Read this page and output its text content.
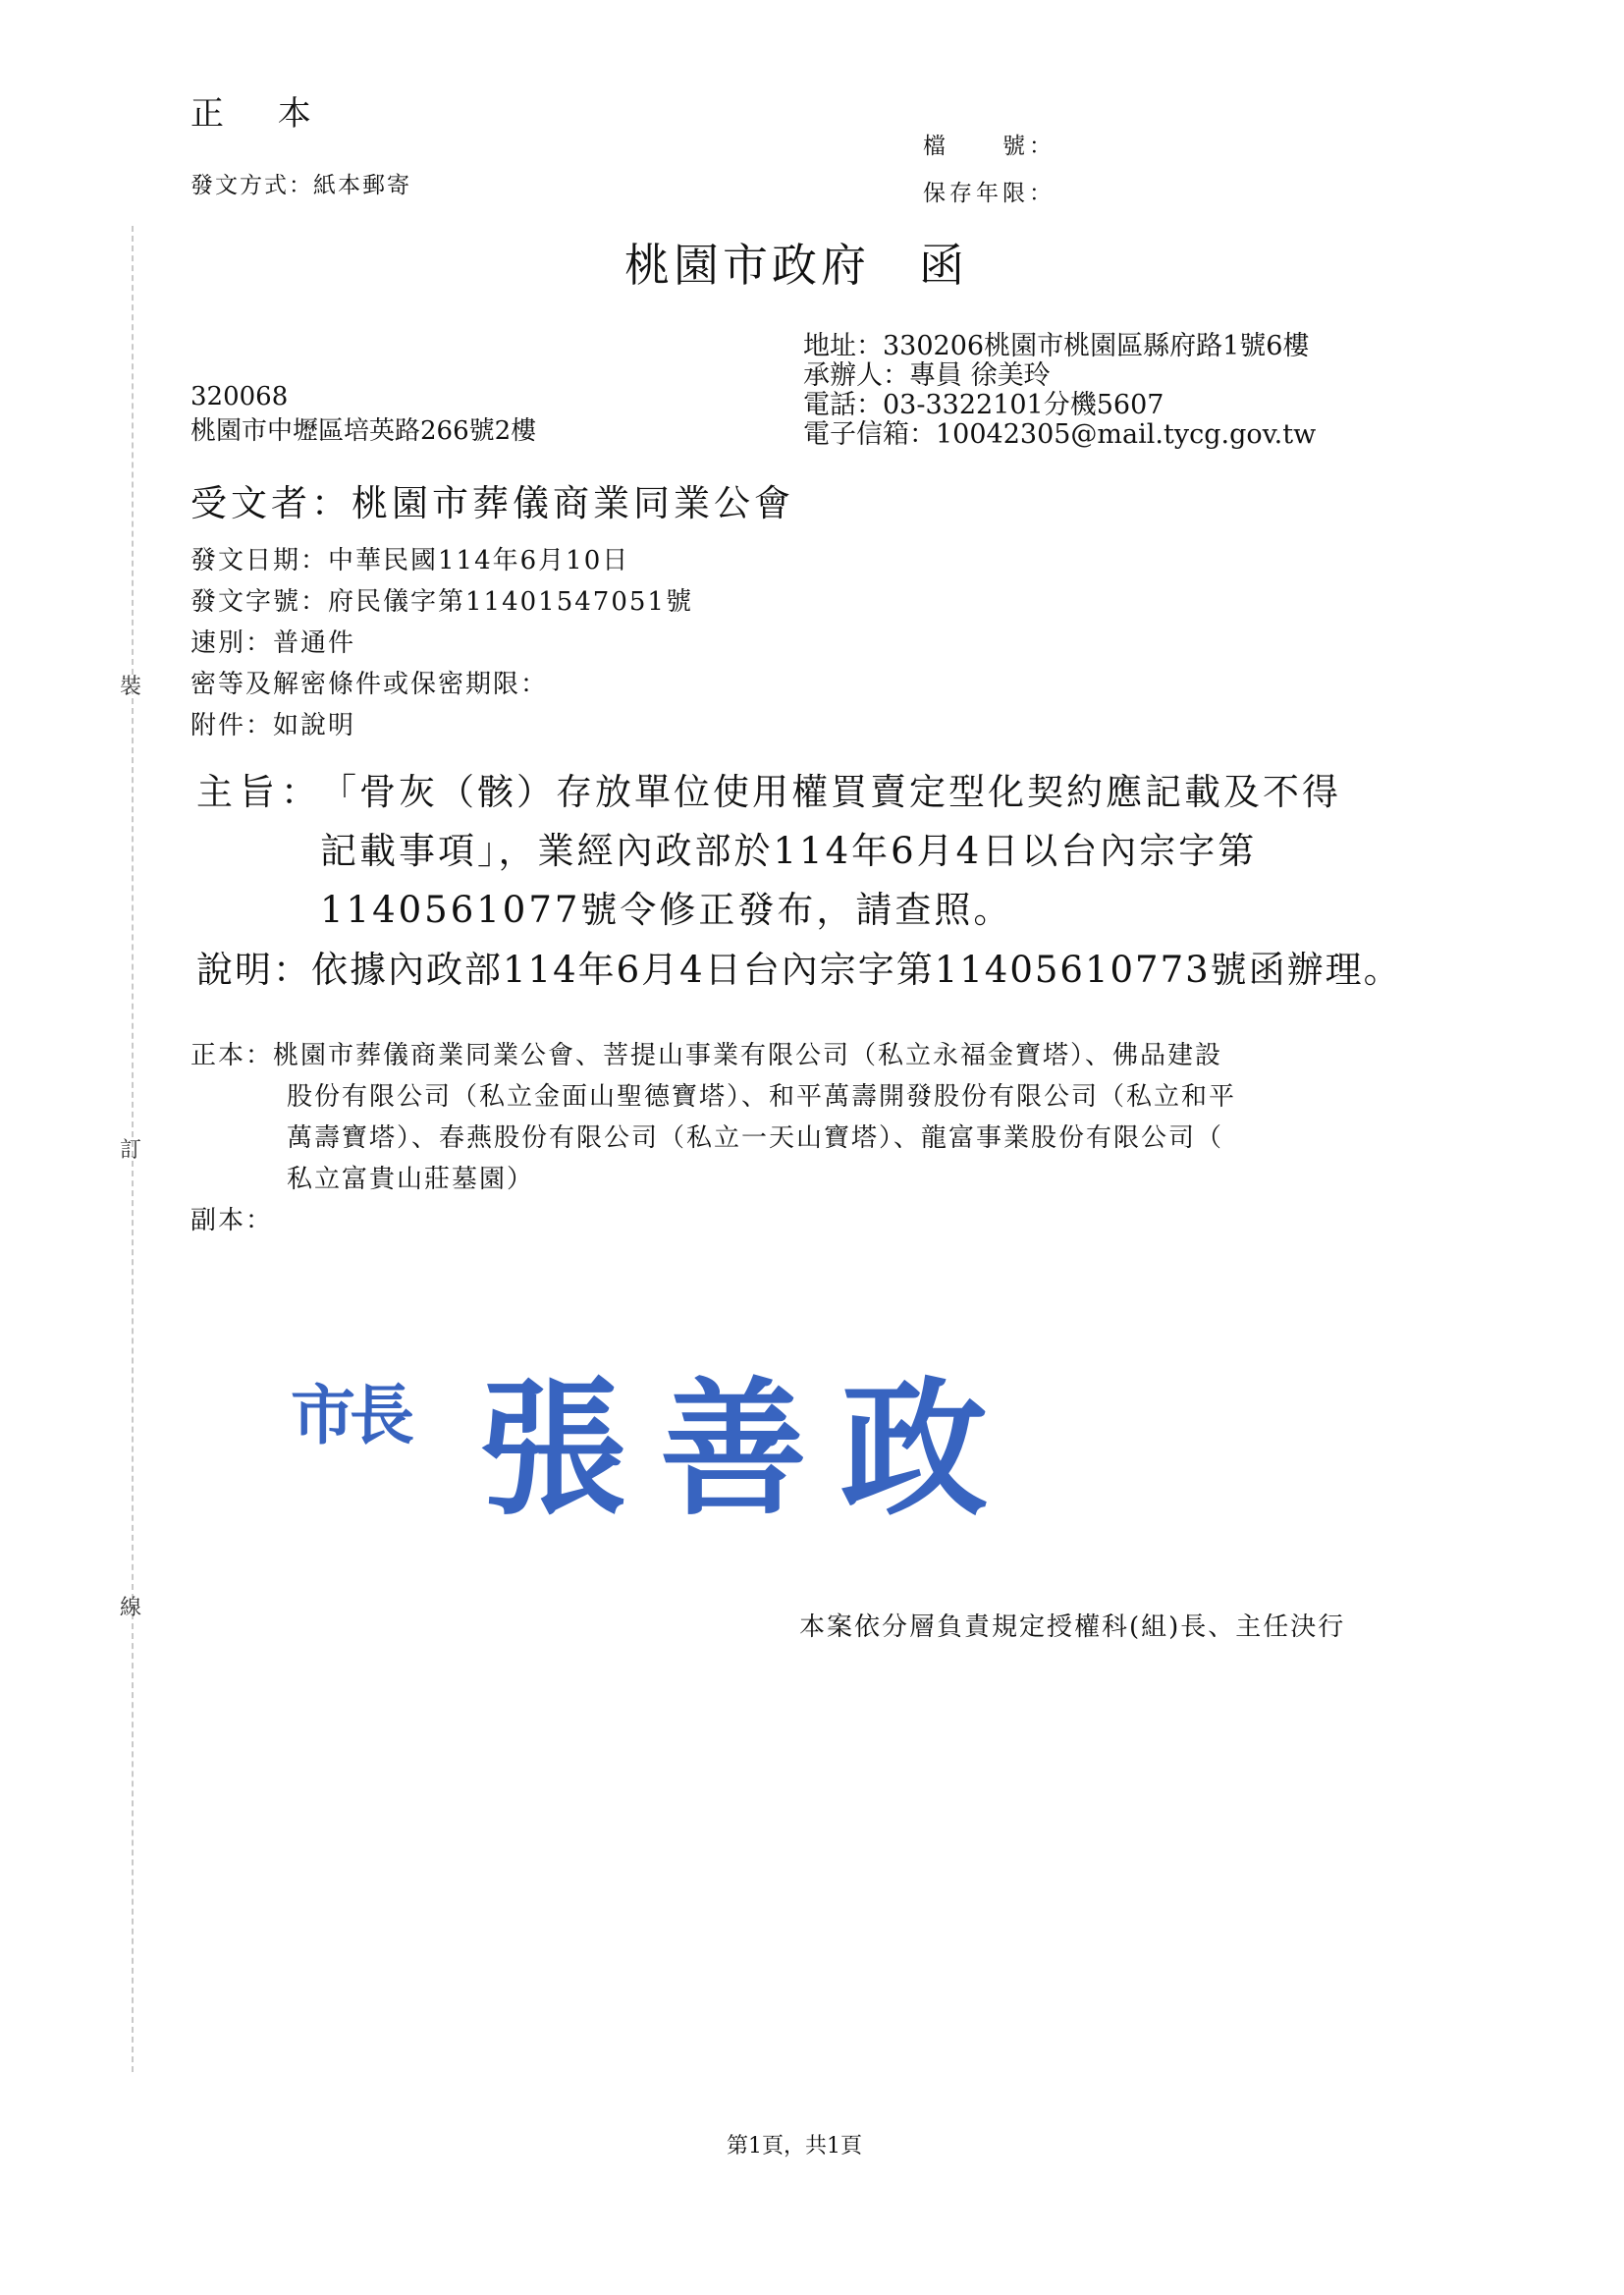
裝
訂
線
正 本
發文方式：紙本郵寄
檔　　號：
保存年限：
桃園市政府　函
地址：330206桃園市桃園區縣府路1號6樓
承辦人：專員 徐美玲
電話：03-3322101分機5607
電子信箱：10042305@mail.tycg.gov.tw
320068
桃園市中壢區培英路266號2樓
受文者：桃園市葬儀商業同業公會
發文日期：中華民國114年6月10日
發文字號：府民儀字第11401547051號
速別：普通件
密等及解密條件或保密期限：
附件：如說明
主旨：
「骨灰（骸）存放單位使用權買賣定型化契約應記載及不得
記載事項」，業經內政部於114年6月4日以台內宗字第
1140561077號令修正發布，請查照。
說明：依據內政部114年6月4日台內宗字第11405610773號函辦理。
正本：桃園市葬儀商業同業公會、菩提山事業有限公司（私立永福金寶塔）、佛品建設
股份有限公司（私立金面山聖德寶塔）、和平萬壽開發股份有限公司（私立和平
萬壽寶塔）、春燕股份有限公司（私立一天山寶塔）、龍富事業股份有限公司（
私立富貴山莊墓園）
副本：
市長 張善政
本案依分層負責規定授權科(組)長、主任決行
第1頁，共1頁
